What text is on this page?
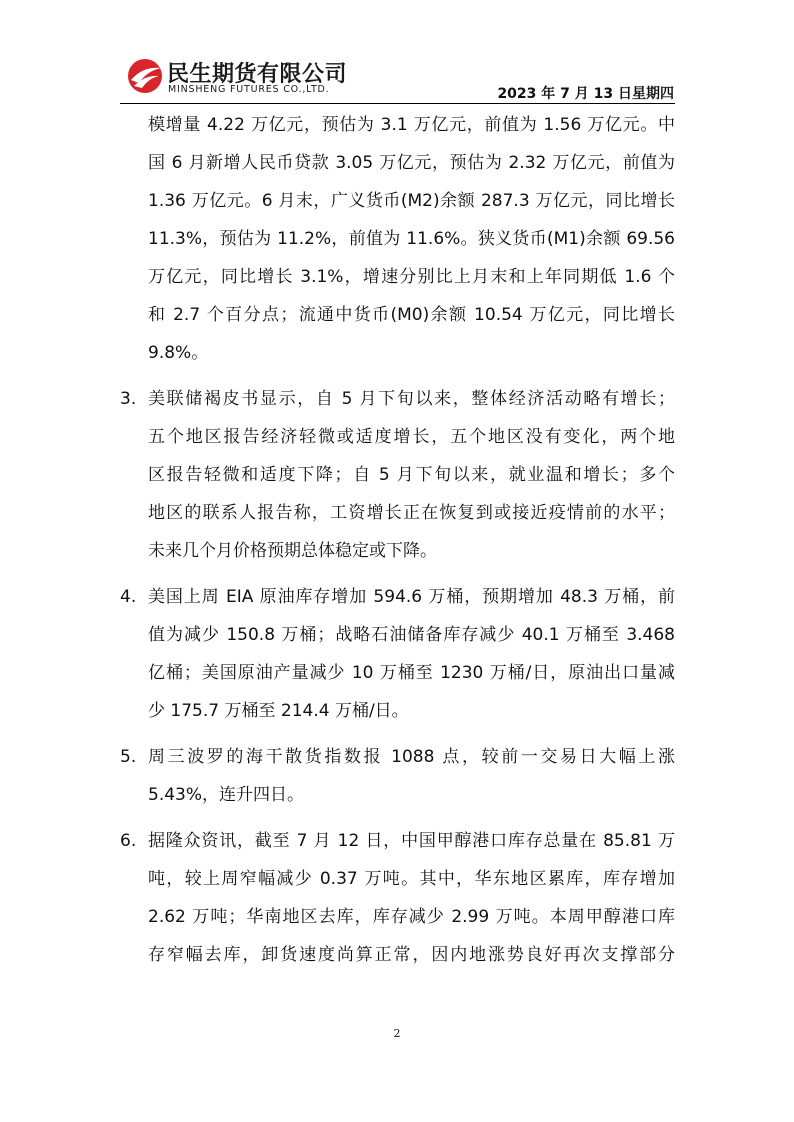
民生期货有限公司
MINSHENG FUTURES CO.,LTD.	2023 年 7 月 13 日星期四

模增量 4.22 万亿元，预估为 3.1 万亿元，前值为 1.56 万亿元。中

国 6 月新增人民币贷款 3.05 万亿元，预估为 2.32 万亿元，前值为

1.36 万亿元。6 月末，广义货币(M2)余额 287.3 万亿元，同比增长

11.3%，预估为 11.2%，前值为 11.6%。狭义货币(M1)余额 69.56

万亿元，同比增长 3.1%，增速分别比上月末和上年同期低 1.6 个

和 2.7 个百分点；流通中货币(M0)余额 10.54 万亿元，同比增长

9.8%。

3. 美联储褐皮书显示，自 5 月下旬以来，整体经济活动略有增长；

五个地区报告经济轻微或适度增长，五个地区没有变化，两个地

区报告轻微和适度下降；自 5 月下旬以来，就业温和增长；多个

地区的联系人报告称，工资增长正在恢复到或接近疫情前的水平；

未来几个月价格预期总体稳定或下降。

4. 美国上周 EIA 原油库存增加 594.6 万桶，预期增加 48.3 万桶，前

值为减少 150.8 万桶；战略石油储备库存减少 40.1 万桶至 3.468

亿桶；美国原油产量减少 10 万桶至 1230 万桶/日，原油出口量减

少 175.7 万桶至 214.4 万桶/日。

5. 周三波罗的海干散货指数报 1088 点，较前一交易日大幅上涨

5.43%，连升四日。

6. 据隆众资讯，截至 7 月 12 日，中国甲醇港口库存总量在 85.81 万

吨，较上周窄幅减少 0.37 万吨。其中，华东地区累库，库存增加

2.62 万吨；华南地区去库，库存减少 2.99 万吨。本周甲醇港口库

存窄幅去库，卸货速度尚算正常，因内地涨势良好再次支撑部分

2
